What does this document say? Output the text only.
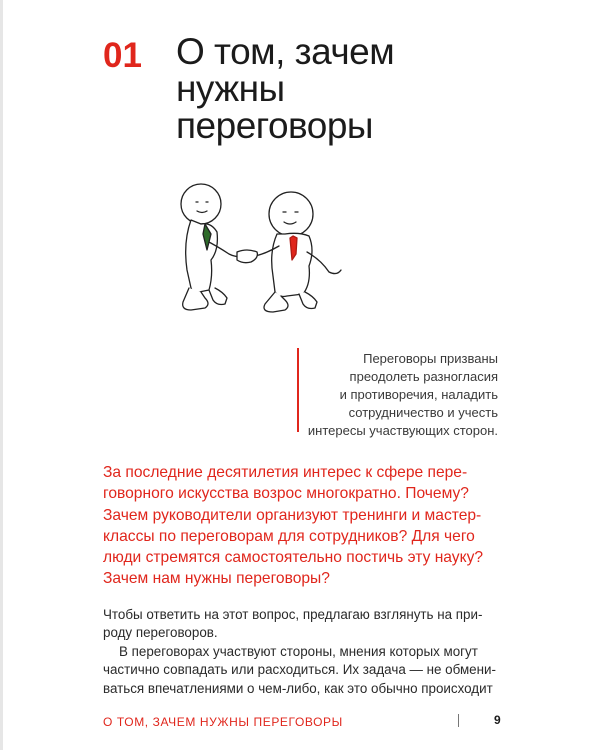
01 О том, зачем
нужны
переговоры
Переговоры призваны
преодолеть разногласия
и противоречия, наладить
сотрудничество и учесть
интересы участвующих сторон.
За последние десятилетия интерес к сфере пере-
говорного искусства возрос многократно. Почему?
Зачем руководители организуют тренинги и мастер-
классы по переговорам для сотрудников? Для чего
люди стремятся самостоятельно постичь эту науку?
Зачем нам нужны переговоры?
Чтобы ответить на этот вопрос, предлагаю взглянуть на при-
роду переговоров.
В переговорах участвуют стороны, мнения которых могут
частично совпадать или расходиться. Их задача — не обмени-
ваться впечатлениями о чем-либо, как это обычно происходит
О ТОМ, ЗАЧЕМ НУЖНЫ ПЕРЕГОВОРЫ	9
